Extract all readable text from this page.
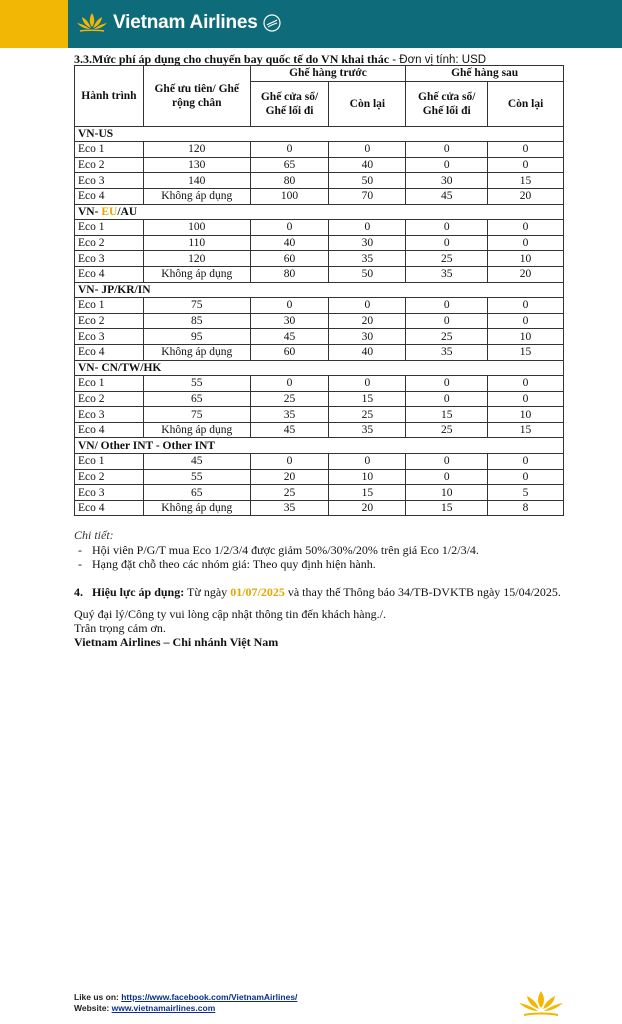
Vietnam Airlines
3.3.Mức phí áp dụng cho chuyến bay quốc tế do VN khai thác - Đơn vị tính: USD
Hành trình	Ghế ưu tiên/ Ghế rộng chân	Ghế hàng trước		Ghế hàng sau	
		Ghế cửa sổ/ Ghế lối đi	Còn lại	Ghế cửa sổ/ Ghế lối đi	Còn lại
VN-US					
Eco 1	120	0	0	0	0
Eco 2	130	65	40	0	0
Eco 3	140	80	50	30	15
Eco 4	Không áp dụng	100	70	45	20
VN- EU/AU					
Eco 1	100	0	0	0	0
Eco 2	110	40	30	0	0
Eco 3	120	60	35	25	10
Eco 4	Không áp dụng	80	50	35	20
VN- JP/KR/IN					
Eco 1	75	0	0	0	0
Eco 2	85	30	20	0	0
Eco 3	95	45	30	25	10
Eco 4	Không áp dụng	60	40	35	15
VN- CN/TW/HK					
Eco 1	55	0	0	0	0
Eco 2	65	25	15	0	0
Eco 3	75	35	25	15	10
Eco 4	Không áp dụng	45	35	25	15
VN/ Other INT - Other INT					
Eco 1	45	0	0	0	0
Eco 2	55	20	10	0	0
Eco 3	65	25	15	10	5
Eco 4	Không áp dụng	35	20	15	8
Chi tiết:
- Hội viên P/G/T mua Eco 1/2/3/4 được giảm 50%/30%/20% trên giá Eco 1/2/3/4.
- Hạng đặt chỗ theo các nhóm giá: Theo quy định hiện hành.
4. Hiệu lực áp dụng: Từ ngày 01/07/2025 và thay thế Thông báo 34/TB-DVKTB ngày 15/04/2025.
Quý đại lý/Công ty vui lòng cập nhật thông tin đến khách hàng./.
Trân trọng cảm ơn.
Vietnam Airlines – Chi nhánh Việt Nam
Like us on: https://www.facebook.com/VietnamAirlines/
Website: www.vietnamairlines.com
